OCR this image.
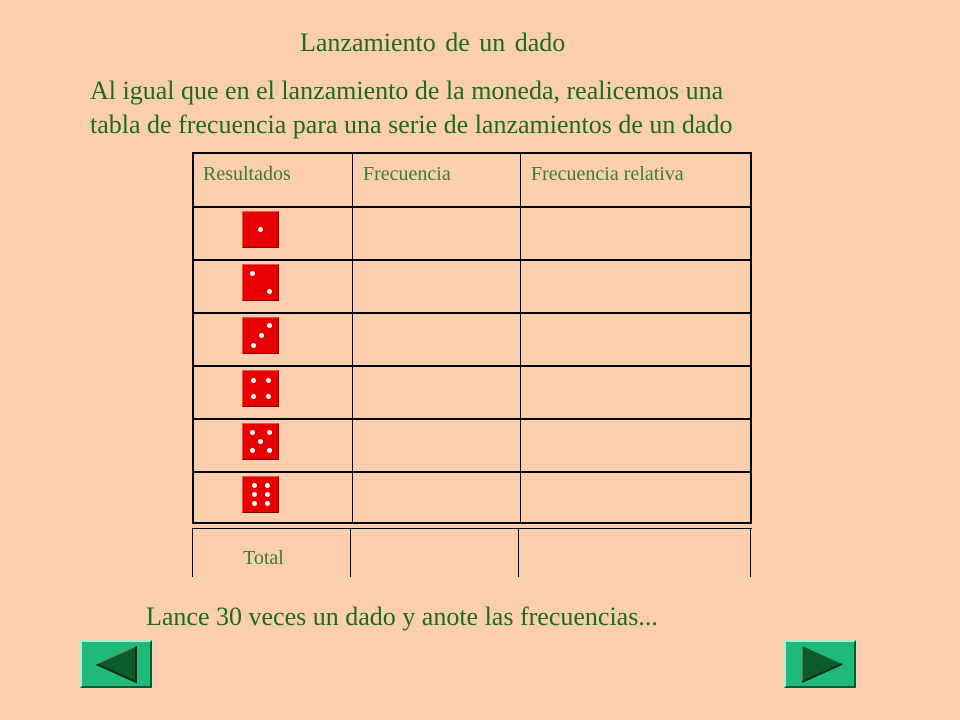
Lanzamiento de un dado

Al igual que en el lanzamiento de la moneda, realicemos una
tabla de frecuencia para una serie de lanzamientos de un dado

Resultados	Frecuencia	Frecuencia relativa
Total

Lance 30 veces un dado y anote las frecuencias...
